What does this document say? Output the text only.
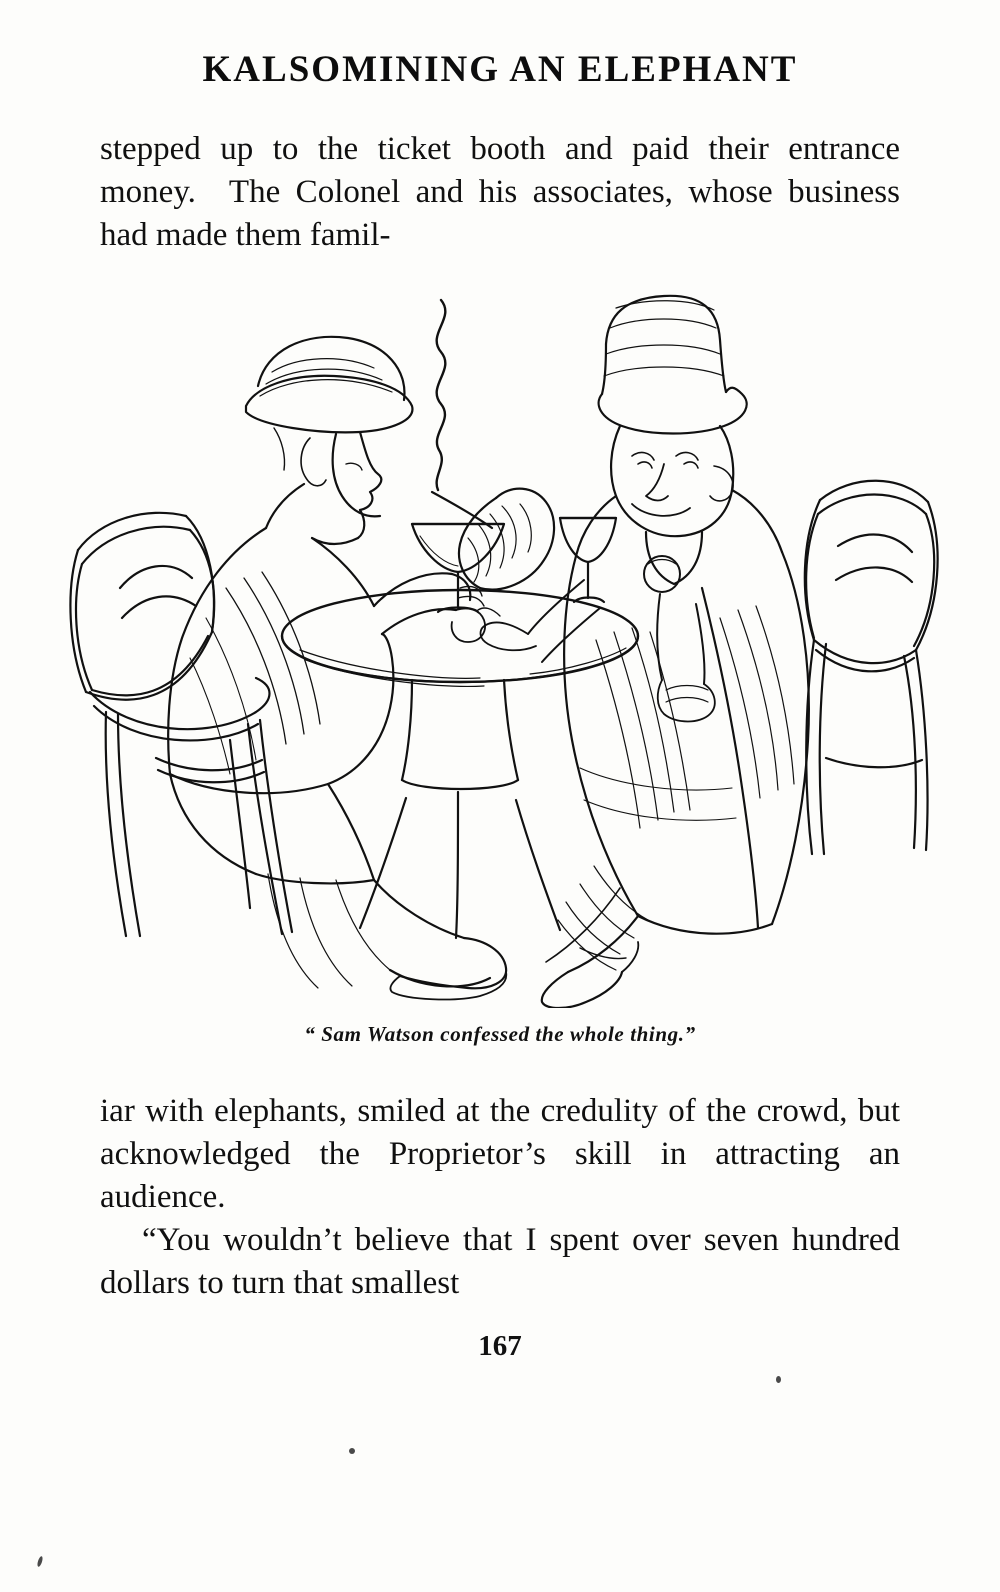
KALSOMINING AN ELEPHANT

stepped up to the ticket booth and paid their entrance money. The Colonel and his associates, whose business had made them famil-

“ Sam Watson confessed the whole thing.”

iar with elephants, smiled at the credulity of the crowd, but acknowledged the Proprietor’s skill in attracting an audience.

“You wouldn’t believe that I spent over seven hundred dollars to turn that smallest

167
